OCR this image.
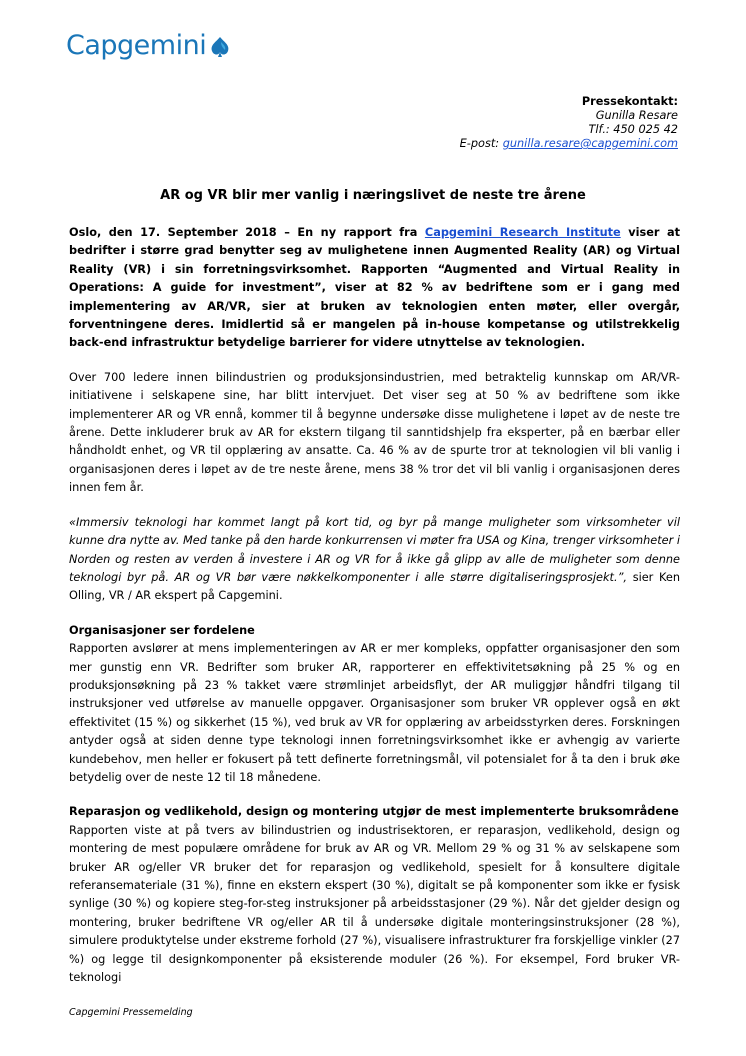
Capgemini
Pressekontakt:
Gunilla Resare
Tlf.: 450 025 42
E-post: gunilla.resare@capgemini.com
AR og VR blir mer vanlig i næringslivet de neste tre årene

Oslo, den 17. September 2018 – En ny rapport fra Capgemini Research Institute viser at bedrifter i større grad benytter seg av mulighetene innen Augmented Reality (AR) og Virtual Reality (VR) i sin forretningsvirksomhet. Rapporten “Augmented and Virtual Reality in Operations: A guide for investment”, viser at 82 % av bedriftene som er i gang med implementering av AR/VR, sier at bruken av teknologien enten møter, eller overgår, forventningene deres. Imidlertid så er mangelen på in-house kompetanse og utilstrekkelig back-end infrastruktur betydelige barrierer for videre utnyttelse av teknologien.

Over 700 ledere innen bilindustrien og produksjonsindustrien, med betraktelig kunnskap om AR/VR-initiativene i selskapene sine, har blitt intervjuet. Det viser seg at 50 % av bedriftene som ikke implementerer AR og VR ennå, kommer til å begynne undersøke disse mulighetene i løpet av de neste tre årene. Dette inkluderer bruk av AR for ekstern tilgang til sanntidshjelp fra eksperter, på en bærbar eller håndholdt enhet, og VR til opplæring av ansatte. Ca. 46 % av de spurte tror at teknologien vil bli vanlig i organisasjonen deres i løpet av de tre neste årene, mens 38 % tror det vil bli vanlig i organisasjonen deres innen fem år.

«Immersiv teknologi har kommet langt på kort tid, og byr på mange muligheter som virksomheter vil kunne dra nytte av. Med tanke på den harde konkurrensen vi møter fra USA og Kina, trenger virksomheter i Norden og resten av verden å investere i AR og VR for å ikke gå glipp av alle de muligheter som denne teknologi byr på. AR og VR bør være nøkkelkomponenter i alle større digitaliseringsprosjekt.”, sier Ken Olling, VR / AR ekspert på Capgemini.

Organisasjoner ser fordelene

Rapporten avslører at mens implementeringen av AR er mer kompleks, oppfatter organisasjoner den som mer gunstig enn VR. Bedrifter som bruker AR, rapporterer en effektivitetsøkning på 25 % og en produksjonsøkning på 23 % takket være strømlinjet arbeidsflyt, der AR muliggjør håndfri tilgang til instruksjoner ved utførelse av manuelle oppgaver. Organisasjoner som bruker VR opplever også en økt effektivitet (15 %) og sikkerhet (15 %), ved bruk av VR for opplæring av arbeidsstyrken deres. Forskningen antyder også at siden denne type teknologi innen forretningsvirksomhet ikke er avhengig av varierte kundebehov, men heller er fokusert på tett definerte forretningsmål, vil potensialet for å ta den i bruk øke betydelig over de neste 12 til 18 månedene.

Reparasjon og vedlikehold, design og montering utgjør de mest implementerte bruksområdene

Rapporten viste at på tvers av bilindustrien og industrisektoren, er reparasjon, vedlikehold, design og montering de mest populære områdene for bruk av AR og VR. Mellom 29 % og 31 % av selskapene som bruker AR og/eller VR bruker det for reparasjon og vedlikehold, spesielt for å konsultere digitale referansemateriale (31 %), finne en ekstern ekspert (30 %), digitalt se på komponenter som ikke er fysisk synlige (30 %) og kopiere steg-for-steg instruksjoner på arbeidsstasjoner (29 %). Når det gjelder design og montering, bruker bedriftene VR og/eller AR til å undersøke digitale monteringsinstruksjoner (28 %), simulere produktytelse under ekstreme forhold (27 %), visualisere infrastrukturer fra forskjellige vinkler (27 %) og legge til designkomponenter på eksisterende moduler (26 %). For eksempel, Ford bruker VR-teknologi

Capgemini Pressemelding
